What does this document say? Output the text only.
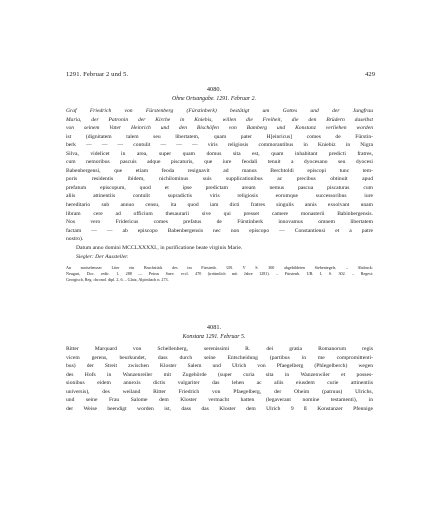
1291. Februar 2 und 5.	429
4080.
Ohne Ortsangabe. 1291. Februar 2.
Graf Friedrich von Fürstenberg (Fürstinberk) bestätigt um Gottes und der Jungfrau
Maria, der Patronin der Kirche in Kniebis, willen die Freiheit, die den Brüdern daselbst
von seinem Vater Heinrich und den Bischöfen von Bamberg und Konstanz verliehen worden
ist (dignitatem talem seu libertatem, quam pater H[einricus] comes de Fürstin-
berk — — — contulit — — — viris religiosis commorantibus in Kniebiz in Nigra
Silva, videlicet in area, super quam domus sita est, quam inhabitant predicti fratres,
cum nemoribus pascuis adque piscaturis, que iure feodali tenuit a dyocesano seu dyocesi
Babenbergensi, que etiam feoda resignavit ad manus Berchtoldi episcopi tunc tem-
poris residentis ibidem, nichilominus suis supplicationibus ac precibus obtinuit apud
prefatum episcopum, quod et ipse predictam aream nemus pascua piscaturas cum
aliis attinentiis contulit supradictis viris religiosis eorumque successoribus iure
hereditario sub annuo censu, ita quod iam dicti fratres singulis annis exsolvant unam
libram cere ad officium thesaurarii sive qui presset camere monasterii Babinbergensis.
Nos vero Fridericus comes prefatus de Fürstinberk innovamus omnem libertatem
factam — — ab episcopo Babenbergensis nec non episcopo — Constantiensi et a patre
nostro).
Datum anno domini MCCLXXXXI., in purificatione beate virginis Marie.
Siegler: Der Aussteller.
An moiselensser Liter ein Bruchstück des im Fürstenb. UB. V S. 300 abgebildeten Siebentegels. – Abdruck:
Neugart, Doc. redir. 1, 288 — Petrus Suev. eccl. 470 (irrtümlich mit Jahre 1281). – Fürstenb. UB. I, S. 302. – Regest:
Georgisch, Reg. chronol. dipl. 2, 6. – Glatz, Alpirsbach n. 273.
4081.
Konstanz 1291. Februar 5.
Ritter Marquard von Schellenberg, serenissimi R. dei gratia Romanorum regis
vicem gerens, beurkundet, dass durch seine Entscheidung (partibus in me compromittenti-
bus) der Streit zwischen Kloster Salem und Ulrich von Pfaegelberg (Phlegelberch) wegen
des Hofs in Wanzenreiler mit Zugehörde (super curia sita in Wanzenwiler et posses-
sionibus eidem annexis dictis vulgariter das lehen ac aliis eiusdem curie attinentiis
universis), des weiland Ritter Friedrich von Pfaegelberg, der Oheim (patruus) Ulrichs,
und seine Frau Salome dem Kloster vermacht hatten (legaverant nomine testamenti), in
der Weise beendigt worden ist, dass das Kloster dem Ulrich 9 ß Konstanzer Pfennige
